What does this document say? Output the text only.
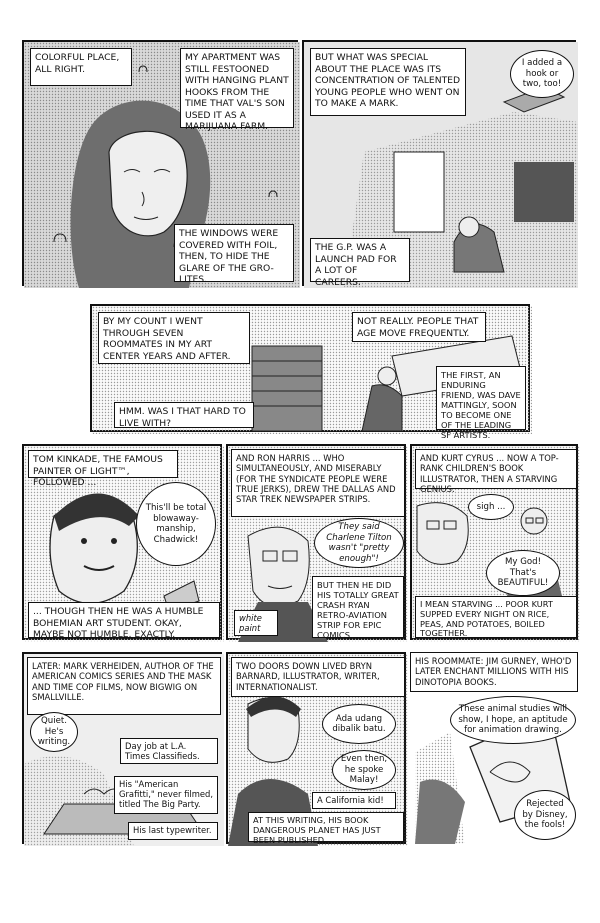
COLORFUL PLACE, ALL RIGHT.
MY APARTMENT WAS STILL FESTOONED WITH HANGING PLANT HOOKS FROM THE TIME THAT VAL'S SON USED IT AS A MARIJUANA FARM.
THE WINDOWS WERE COVERED WITH FOIL, THEN, TO HIDE THE GLARE OF THE GRO-LITES.
BUT WHAT WAS SPECIAL ABOUT THE PLACE WAS ITS CONCENTRATION OF TALENTED YOUNG PEOPLE WHO WENT ON TO MAKE A MARK.
I added a hook or two, too!
THE G.P. WAS A LAUNCH PAD FOR A LOT OF CAREERS.
BY MY COUNT I WENT THROUGH SEVEN ROOMMATES IN MY ART CENTER YEARS AND AFTER.
NOT REALLY. PEOPLE THAT AGE MOVE FREQUENTLY.
HMM. WAS I THAT HARD TO LIVE WITH?
THE FIRST, AN ENDURING FRIEND, WAS DAVE MATTINGLY, SOON TO BECOME ONE OF THE LEADING SF ARTISTS.
TOM KINKADE, THE FAMOUS PAINTER OF LIGHT™, FOLLOWED ...
This'll be total blowaway-manship, Chadwick!
... THOUGH THEN HE WAS A HUMBLE BOHEMIAN ART STUDENT. OKAY, MAYBE NOT HUMBLE, EXACTLY.
AND RON HARRIS ... WHO SIMULTANEOUSLY, AND MISERABLY (FOR THE SYNDICATE PEOPLE WERE TRUE JERKS), DREW THE DALLAS AND STAR TREK NEWSPAPER STRIPS.
They said Charlene Tilton wasn't "pretty enough"!
BUT THEN HE DID HIS TOTALLY GREAT CRASH RYAN RETRO-AVIATION STRIP FOR EPIC COMICS.
white paint
AND KURT CYRUS ... NOW A TOP-RANK CHILDREN'S BOOK ILLUSTRATOR, THEN A STARVING GENIUS.
sigh ...
My God! That's BEAUTIFUL!
I MEAN STARVING ... POOR KURT SUPPED EVERY NIGHT ON RICE, PEAS, AND POTATOES, BOILED TOGETHER.
LATER: MARK VERHEIDEN, AUTHOR OF THE AMERICAN COMICS SERIES AND THE MASK AND TIME COP FILMS, NOW BIGWIG ON SMALLVILLE.
Quiet. He's writing.	Day job at L.A. Times Classifieds.
His "American Grafitti," never filmed, titled The Big Party.
His last typewriter.
TWO DOORS DOWN LIVED BRYN BARNARD, ILLUSTRATOR, WRITER, INTERNATIONALIST.
Ada udang dibalik batu.
Even then, he spoke Malay!
A California kid!
AT THIS WRITING, HIS BOOK DANGEROUS PLANET HAS JUST BEEN PUBLISHED.
HIS ROOMMATE: JIM GURNEY, WHO'D LATER ENCHANT MILLIONS WITH HIS DINOTOPIA BOOKS.
These animal studies will show, I hope, an aptitude for animation drawing.
Rejected by Disney, the fools!
